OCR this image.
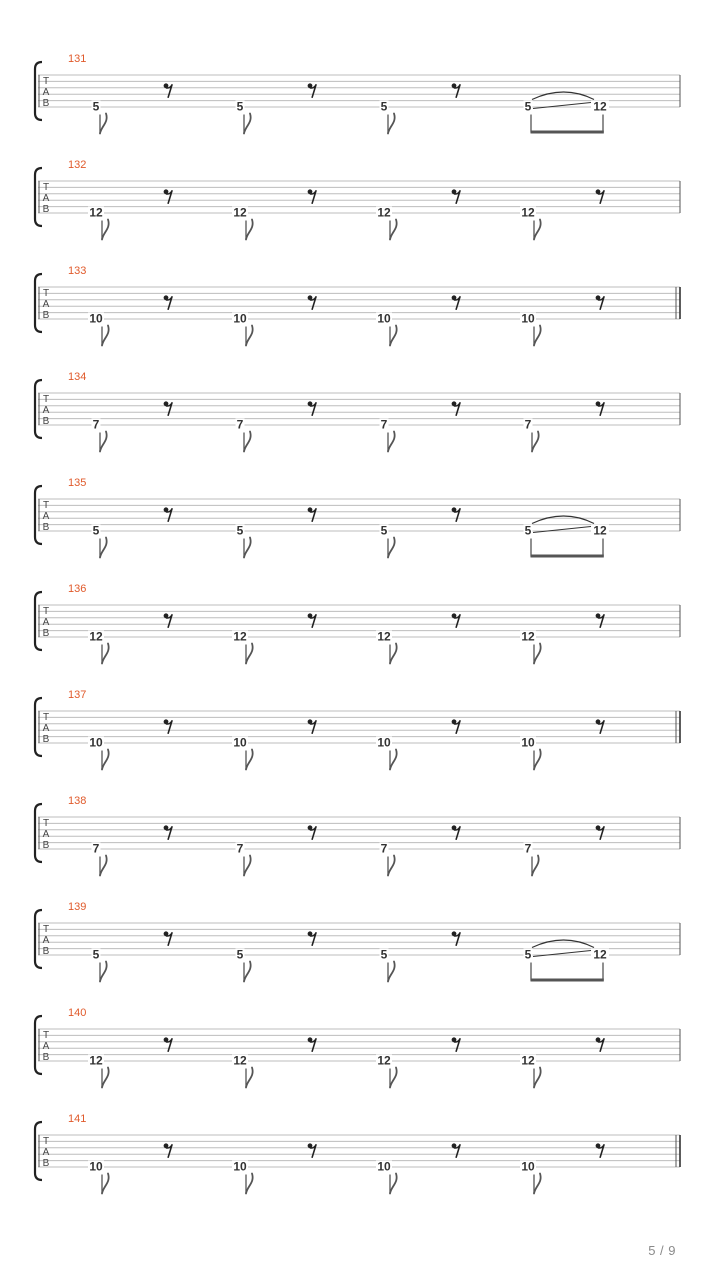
131
T
A
B	5	5	5	5	12
132
T
A
B	12	12	12	12
133
T
A
B	10	10	10	10
134
T
A
B	7	7	7	7
135
T
A
B	5	5	5	5	12
136
T
A
B	12	12	12	12
137
T
A
B	10	10	10	10
138
T
A
B	7	7	7	7
139
T
A
B	5	5	5	5	12
140
T
A
B	12	12	12	12
141
T
A
B	10	10	10	10
5 / 9
